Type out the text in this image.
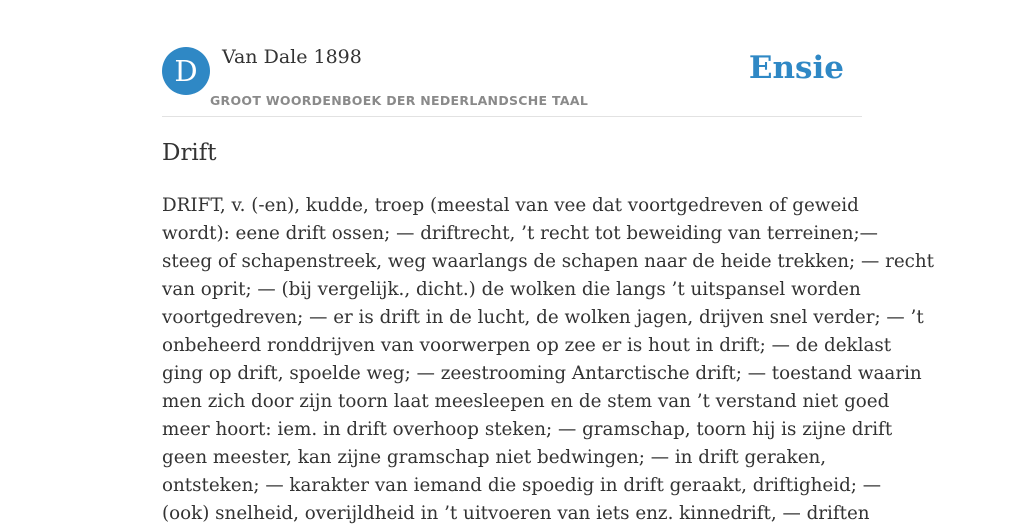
D	Van Dale 1898
GROOT WOORDENBOEK DER NEDERLANDSCHE TAAL
Ensie
Drift
DRIFT, v. (-en), kudde, troep (meestal van vee dat voortgedreven of geweid
wordt): eene drift ossen; — driftrecht, ’t recht tot beweiding van terreinen;—
steeg of schapenstreek, weg waarlangs de schapen naar de heide trekken; — recht
van oprit; — (bij vergelijk., dicht.) de wolken die langs ’t uitspansel worden
voortgedreven; — er is drift in de lucht, de wolken jagen, drijven snel verder; — ’t
onbeheerd ronddrijven van voorwerpen op zee er is hout in drift; — de deklast
ging op drift, spoelde weg; — zeestrooming Antarctische drift; — toestand waarin
men zich door zijn toorn laat meesleepen en de stem van ’t verstand niet goed
meer hoort: iem. in drift overhoop steken; — gramschap, toorn hij is zijne drift
geen meester, kan zijne gramschap niet bedwingen; — in drift geraken,
ontsteken; — karakter van iemand die spoedig in drift geraakt, driftigheid; —
(ook) snelheid, overijldheid in ’t uitvoeren van iets enz. kinnedrift, — driften
